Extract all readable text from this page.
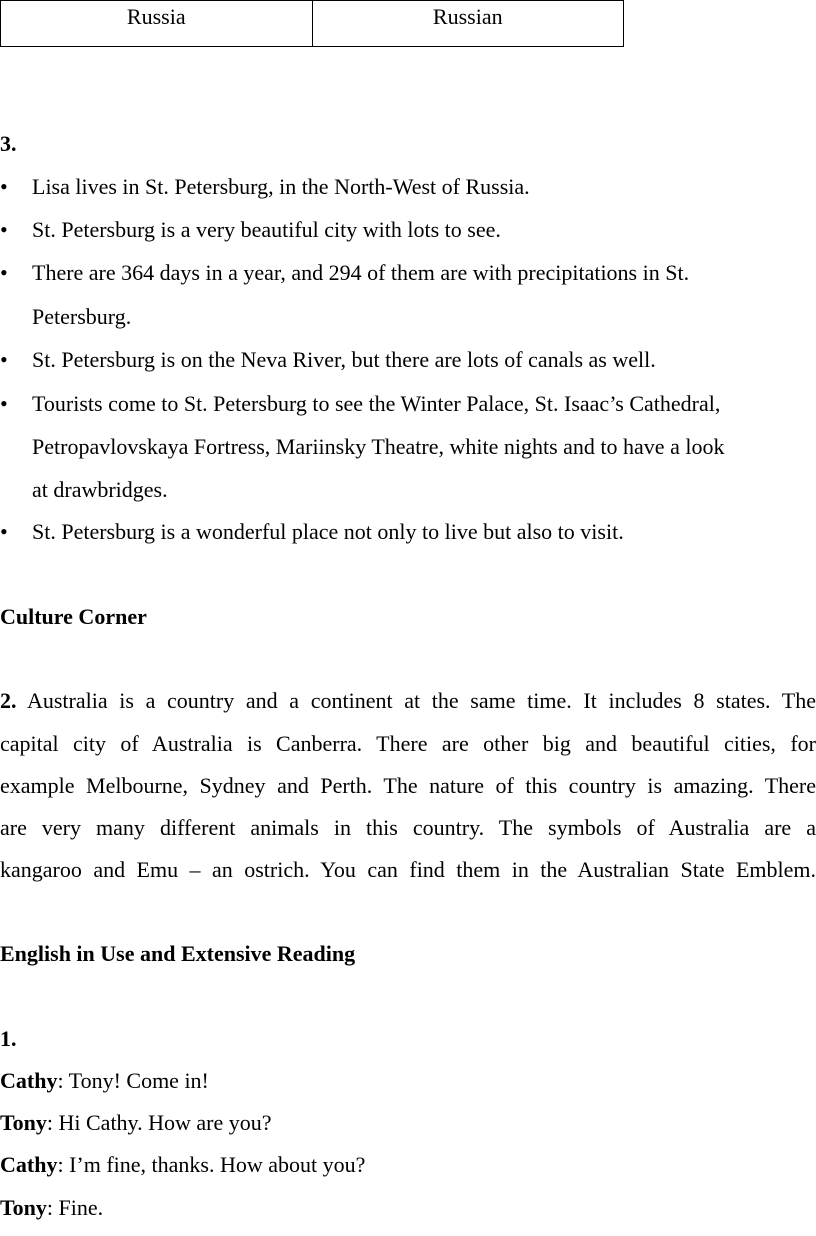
Russia	Russian
3.
• Lisa lives in St. Petersburg, in the North-West of Russia.
• St. Petersburg is a very beautiful city with lots to see.
• There are 364 days in a year, and 294 of them are with precipitations in St.
Petersburg.
• St. Petersburg is on the Neva River, but there are lots of canals as well.
• Tourists come to St. Petersburg to see the Winter Palace, St. Isaac’s Cathedral,
Petropavlovskaya Fortress, Mariinsky Theatre, white nights and to have a look
at drawbridges.
• St. Petersburg is a wonderful place not only to live but also to visit.
Culture Corner
2. Australia is a country and a continent at the same time. It includes 8 states. The
capital city of Australia is Canberra. There are other big and beautiful cities, for
example Melbourne, Sydney and Perth. The nature of this country is amazing. There
are very many different animals in this country. The symbols of Australia are a
kangaroo and Emu – an ostrich. You can find them in the Australian State Emblem.
English in Use and Extensive Reading
1.
Cathy: Tony! Come in!
Tony: Hi Cathy. How are you?
Cathy: I’m fine, thanks. How about you?
Tony: Fine.
